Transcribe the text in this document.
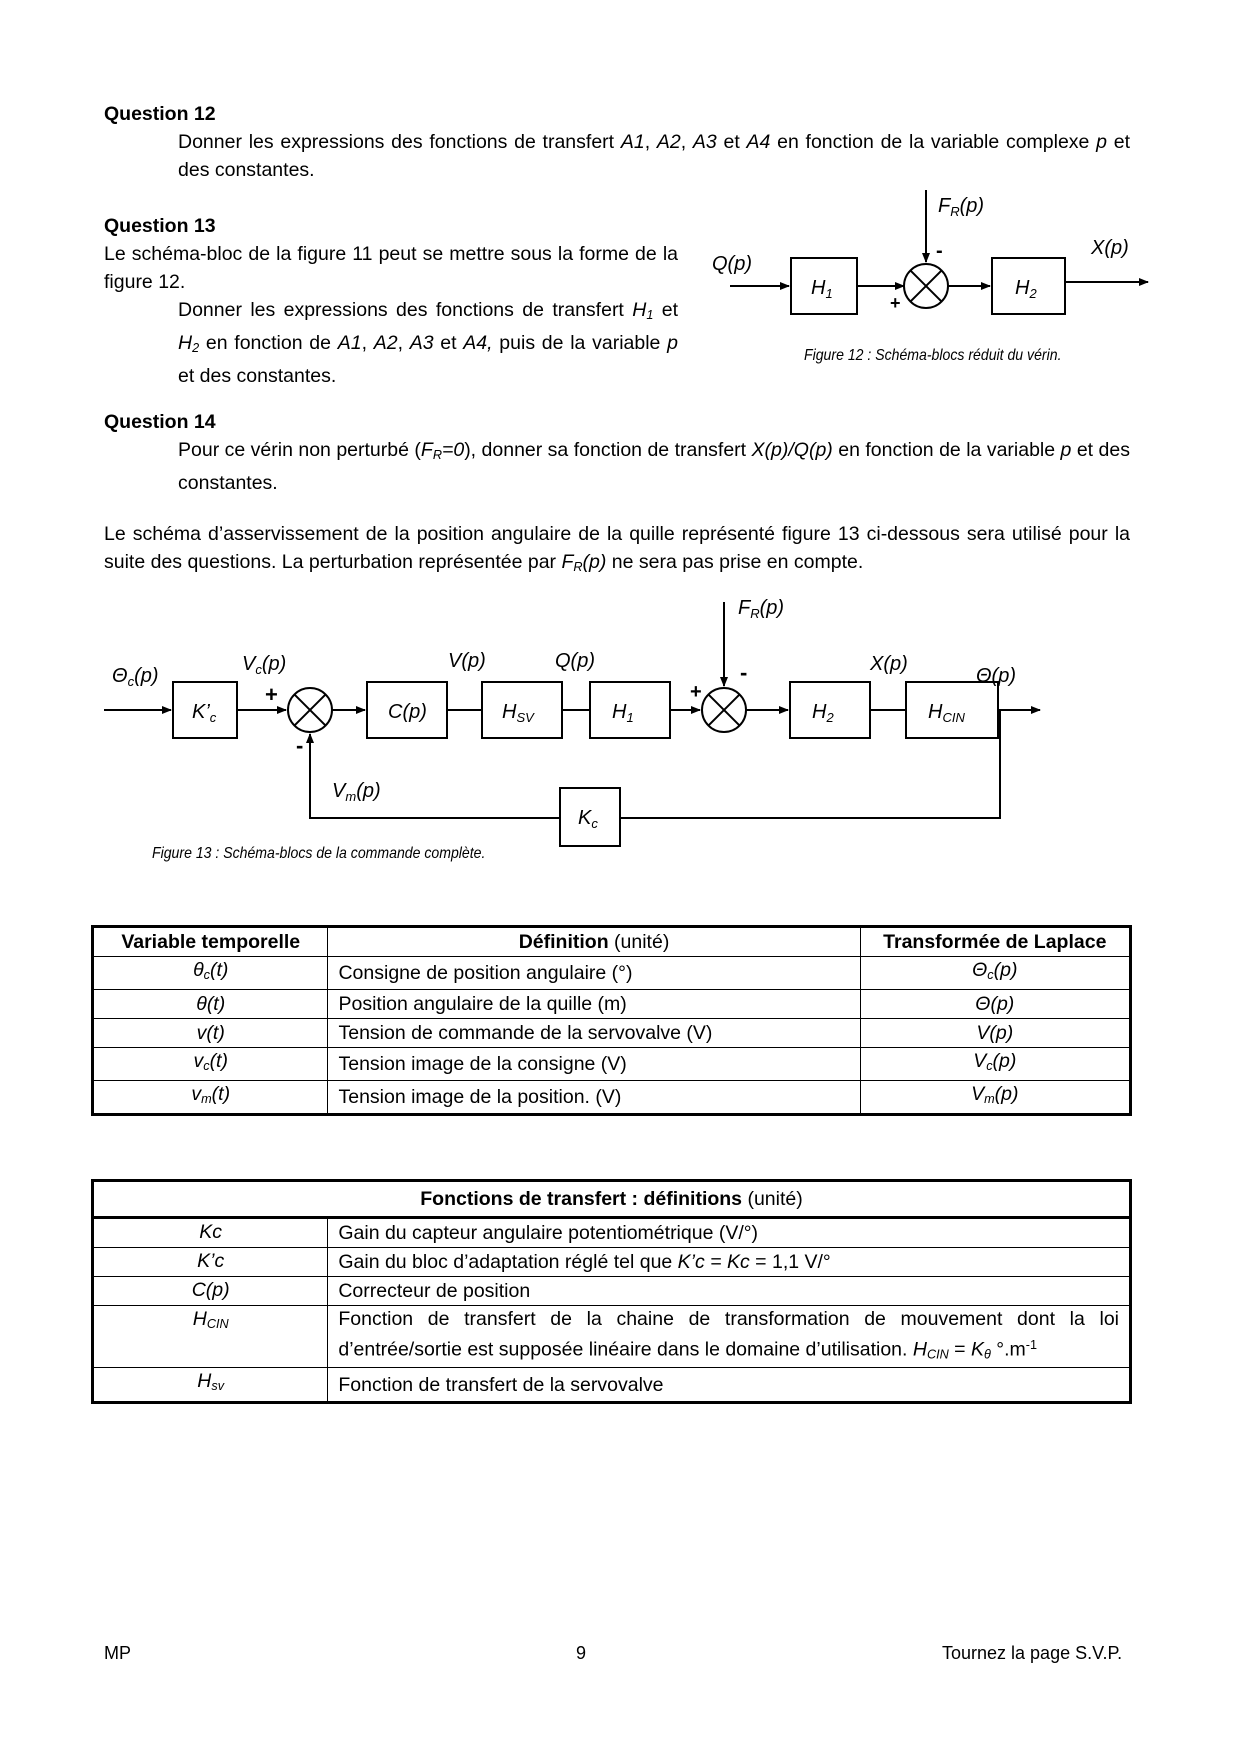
Question 12
Donner les expressions des fonctions de transfert A1, A2, A3 et A4 en fonction de la variable complexe p et des constantes.
Question 13
Le schéma-bloc de la figure 11 peut se mettre sous la forme de la figure 12.
Donner les expressions des fonctions de transfert H1 et H2 en fonction de A1, A2, A3 et A4, puis de la variable p et des constantes.
Q(p)
$H_1$	+
-
$F_R(p)$
$H_2$
X(p)
Figure 12 : Schéma-blocs réduit du vérin.
Question 14
Pour ce vérin non perturbé (FR=0), donner sa fonction de transfert X(p)/Q(p) en fonction de la variable p et des constantes.
Le schéma d’asservissement de la position angulaire de la quille représenté figure 13 ci-dessous sera utilisé pour la suite des questions. La perturbation représentée par FR(p) ne sera pas prise en compte.
$\Theta_c(p)$
$K’_c$
$V_c(p)$
+
-
C(p)
V(p)
$H_{SV}$
Q(p)
$H_1$
+
-
$F_R(p)$
$H_2$
X(p)
$H_{CIN}$
Θ(p)
$K_c$
$V_m(p)$
Figure 13 : Schéma-blocs de la commande complète.
Variable temporelle	Définition (unité)	Transformée de Laplace
θc(t)	Consigne de position angulaire (°)	Θc(p)
θ(t)	Position angulaire de la quille (m)	Θ(p)
v(t)	Tension de commande de la servovalve (V)	V(p)
vc(t)	Tension image de la consigne (V)	Vc(p)
vm(t)	Tension image de la position. (V)	Vm(p)
Fonctions de transfert : définitions (unité)	
Kc	Gain du capteur angulaire potentiométrique (V/°)
K’c	Gain du bloc d’adaptation réglé tel que K’c = Kc = 1,1 V/°
C(p)	Correcteur de position
HCIN	Fonction de transfert de la chaine de transformation de mouvement dont la loi d’entrée/sortie est supposée linéaire dans le domaine d’utilisation. HCIN = Kθ $^\circ.m^{-1}$
Hsv	Fonction de transfert de la servovalve
MP	9	Tournez la page S.V.P.
